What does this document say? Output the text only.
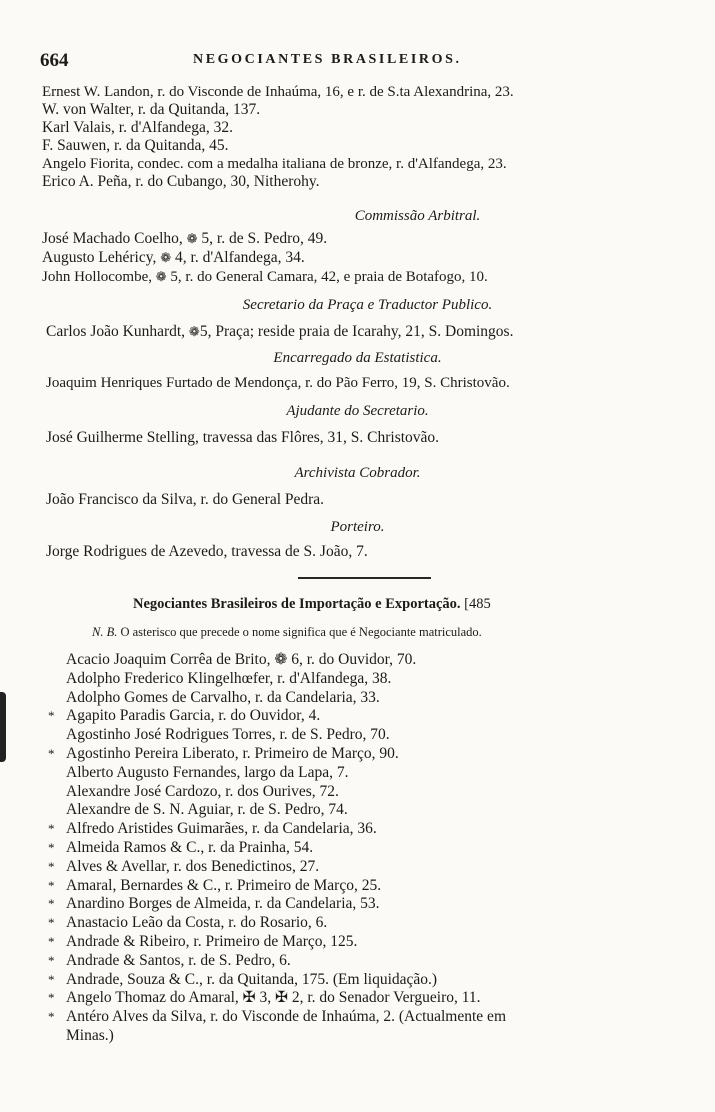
664	NEGOCIANTES BRASILEIROS.
Ernest W. Landon, r. do Visconde de Inhaúma, 16, e r. de S.ta Alexandrina, 23.
W. von Walter, r. da Quitanda, 137.
Karl Valais, r. d'Alfandega, 32.
F. Sauwen, r. da Quitanda, 45.
Angelo Fiorita, condec. com a medalha italiana de bronze, r. d'Alfandega, 23.
Erico A. Peña, r. do Cubango, 30, Nitherohy.
Commissão Arbitral.
José Machado Coelho, ❁ 5, r. de S. Pedro, 49.
Augusto Lehéricy, ❁ 4, r. d'Alfandega, 34.
John Hollocombe, ❁ 5, r. do General Camara, 42, e praia de Botafogo, 10.
Secretario da Praça e Traductor Publico.
Carlos João Kunhardt, ❁5, Praça; reside praia de Icarahy, 21, S. Domingos.
Encarregado da Estatistica.
Joaquim Henriques Furtado de Mendonça, r. do Pão Ferro, 19, S. Christovão.
Ajudante do Secretario.
José Guilherme Stelling, travessa das Flôres, 31, S. Christovão.
Archivista Cobrador.
João Francisco da Silva, r. do General Pedra.
Porteiro.
Jorge Rodrigues de Azevedo, travessa de S. João, 7.
Negociantes Brasileiros de Importação e Exportação. [485
N. B. O asterisco que precede o nome significa que é Negociante matriculado.
Acacio Joaquim Corrêa de Brito, ❁ 6, r. do Ouvidor, 70.
Adolpho Frederico Klingelhœfer, r. d'Alfandega, 38.
Adolpho Gomes de Carvalho, r. da Candelaria, 33.
* Agapito Paradis Garcia, r. do Ouvidor, 4.
Agostinho José Rodrigues Torres, r. de S. Pedro, 70.
* Agostinho Pereira Liberato, r. Primeiro de Março, 90.
Alberto Augusto Fernandes, largo da Lapa, 7.
Alexandre José Cardozo, r. dos Ourives, 72.
Alexandre de S. N. Aguiar, r. de S. Pedro, 74.
* Alfredo Aristides Guimarães, r. da Candelaria, 36.
* Almeida Ramos & C., r. da Prainha, 54.
* Alves & Avellar, r. dos Benedictinos, 27.
* Amaral, Bernardes & C., r. Primeiro de Março, 25.
* Anardino Borges de Almeida, r. da Candelaria, 53.
* Anastacio Leão da Costa, r. do Rosario, 6.
* Andrade & Ribeiro, r. Primeiro de Março, 125.
* Andrade & Santos, r. de S. Pedro, 6.
* Andrade, Souza & C., r. da Quitanda, 175. (Em liquidação.)
* Angelo Thomaz do Amaral, ✠ 3, ✠ 2, r. do Senador Vergueiro, 11.
* Antéro Alves da Silva, r. do Visconde de Inhaúma, 2. (Actualmente em
Minas.)
